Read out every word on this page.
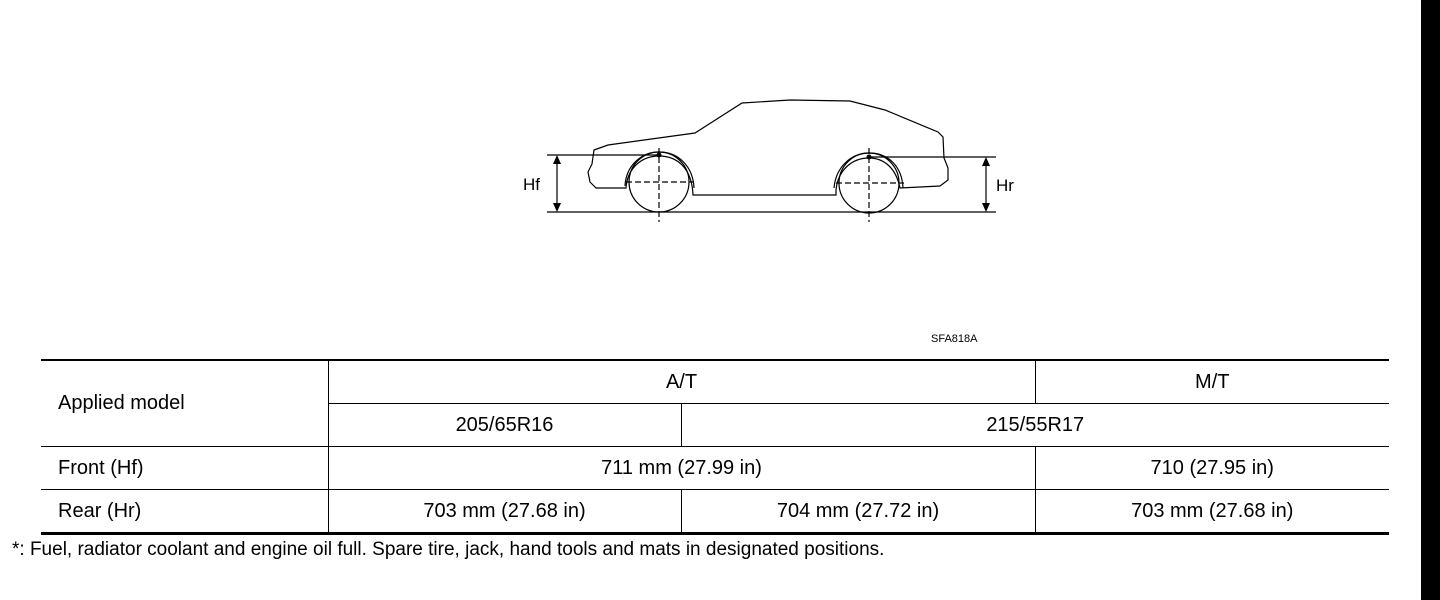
Hf	Hr
SFA818A
Applied model	A/T		M/T
	205/65R16	215/55R17	
Front (Hf)	711 mm (27.99 in)		710 (27.95 in)
Rear (Hr)	703 mm (27.68 in)	704 mm (27.72 in)	703 mm (27.68 in)
*: Fuel, radiator coolant and engine oil full. Spare tire, jack, hand tools and mats in designated positions.
